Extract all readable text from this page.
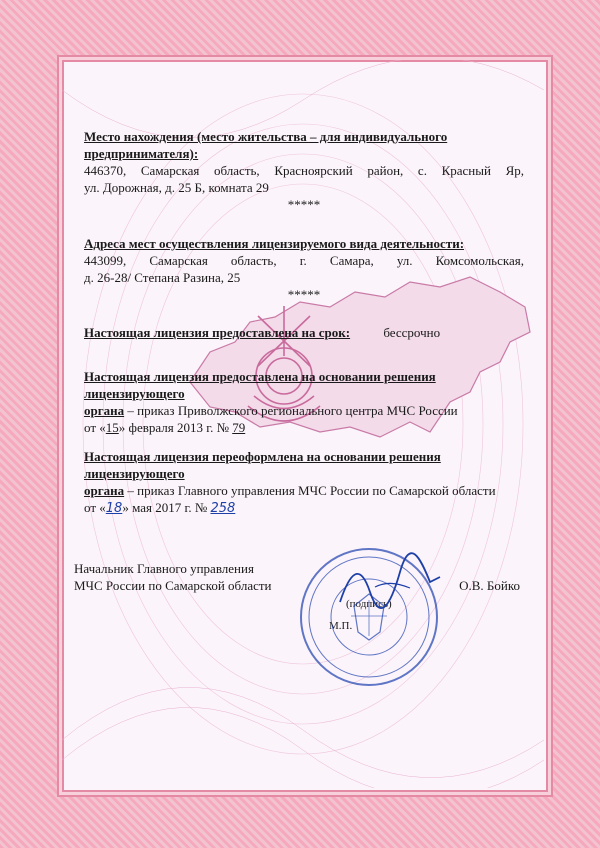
Место нахождения (место жительства – для индивидуального предпринимателя):
446370, Самарская область, Красноярский район, с. Красный Яр,
ул. Дорожная, д. 25 Б, комната 29
*****
Адреса мест осуществления лицензируемого вида деятельности:
443099, Самарская область, г. Самара, ул. Комсомольская,
д. 26-28/ Степана Разина, 25
*****
Настоящая лицензия предоставлена на срок:	бессрочно
Настоящая лицензия предоставлена на основании решения лицензирующего
органа – приказ Приволжского регионального центра МЧС России
от «15» февраля 2013 г. № 79
Настоящая лицензия переоформлена на основании решения лицензирующего
органа – приказ Главного управления МЧС России по Самарской области
от «18» мая 2017 г. № 258
Начальник Главного управления
МЧС России по Самарской области	О.В. Бойко
(подпись)
М.П.
